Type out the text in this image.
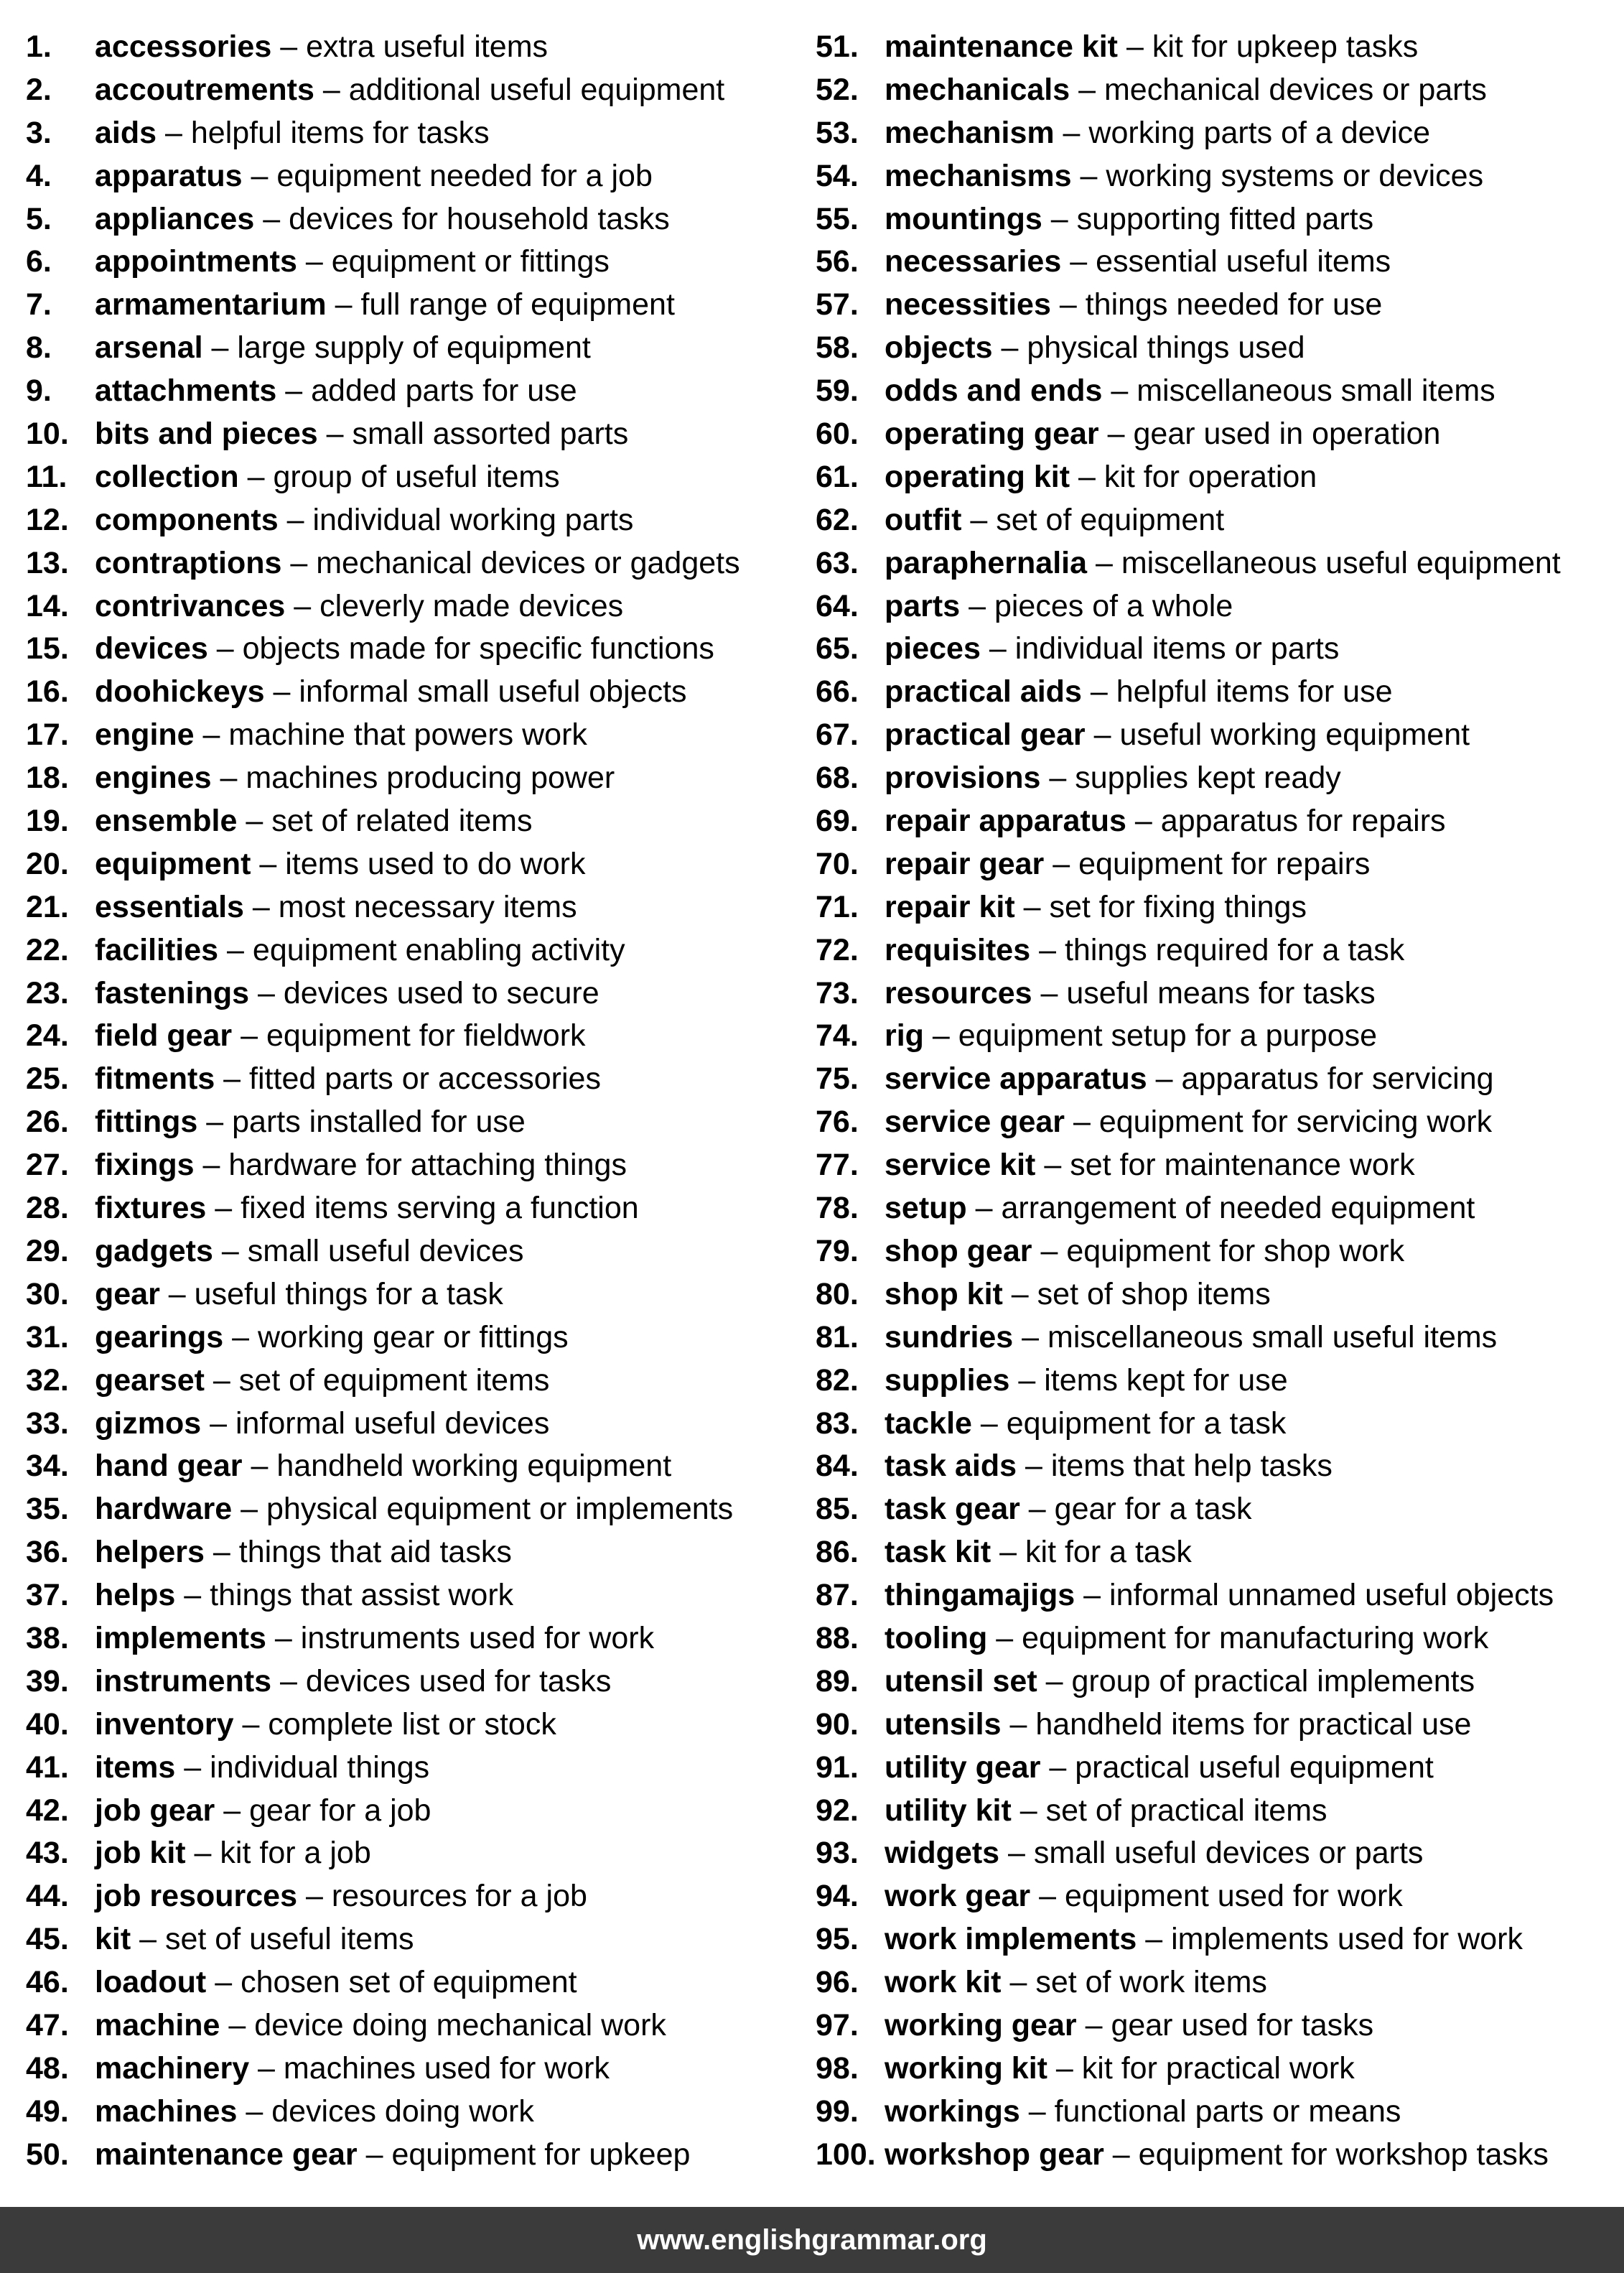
1. accessories – extra useful items
2. accoutrements – additional useful equipment
3. aids – helpful items for tasks
4. apparatus – equipment needed for a job
5. appliances – devices for household tasks
6. appointments – equipment or fittings
7. armamentarium – full range of equipment
8. arsenal – large supply of equipment
9. attachments – added parts for use
10. bits and pieces – small assorted parts
11. collection – group of useful items
12. components – individual working parts
13. contraptions – mechanical devices or gadgets
14. contrivances – cleverly made devices
15. devices – objects made for specific functions
16. doohickeys – informal small useful objects
17. engine – machine that powers work
18. engines – machines producing power
19. ensemble – set of related items
20. equipment – items used to do work
21. essentials – most necessary items
22. facilities – equipment enabling activity
23. fastenings – devices used to secure
24. field gear – equipment for fieldwork
25. fitments – fitted parts or accessories
26. fittings – parts installed for use
27. fixings – hardware for attaching things
28. fixtures – fixed items serving a function
29. gadgets – small useful devices
30. gear – useful things for a task
31. gearings – working gear or fittings
32. gearset – set of equipment items
33. gizmos – informal useful devices
34. hand gear – handheld working equipment
35. hardware – physical equipment or implements
36. helpers – things that aid tasks
37. helps – things that assist work
38. implements – instruments used for work
39. instruments – devices used for tasks
40. inventory – complete list or stock
41. items – individual things
42. job gear – gear for a job
43. job kit – kit for a job
44. job resources – resources for a job
45. kit – set of useful items
46. loadout – chosen set of equipment
47. machine – device doing mechanical work
48. machinery – machines used for work
49. machines – devices doing work
50. maintenance gear – equipment for upkeep
51. maintenance kit – kit for upkeep tasks
52. mechanicals – mechanical devices or parts
53. mechanism – working parts of a device
54. mechanisms – working systems or devices
55. mountings – supporting fitted parts
56. necessaries – essential useful items
57. necessities – things needed for use
58. objects – physical things used
59. odds and ends – miscellaneous small items
60. operating gear – gear used in operation
61. operating kit – kit for operation
62. outfit – set of equipment
63. paraphernalia – miscellaneous useful equipment
64. parts – pieces of a whole
65. pieces – individual items or parts
66. practical aids – helpful items for use
67. practical gear – useful working equipment
68. provisions – supplies kept ready
69. repair apparatus – apparatus for repairs
70. repair gear – equipment for repairs
71. repair kit – set for fixing things
72. requisites – things required for a task
73. resources – useful means for tasks
74. rig – equipment setup for a purpose
75. service apparatus – apparatus for servicing
76. service gear – equipment for servicing work
77. service kit – set for maintenance work
78. setup – arrangement of needed equipment
79. shop gear – equipment for shop work
80. shop kit – set of shop items
81. sundries – miscellaneous small useful items
82. supplies – items kept for use
83. tackle – equipment for a task
84. task aids – items that help tasks
85. task gear – gear for a task
86. task kit – kit for a task
87. thingamajigs – informal unnamed useful objects
88. tooling – equipment for manufacturing work
89. utensil set – group of practical implements
90. utensils – handheld items for practical use
91. utility gear – practical useful equipment
92. utility kit – set of practical items
93. widgets – small useful devices or parts
94. work gear – equipment used for work
95. work implements – implements used for work
96. work kit – set of work items
97. working gear – gear used for tasks
98. working kit – kit for practical work
99. workings – functional parts or means
100. workshop gear – equipment for workshop tasks
www.englishgrammar.org
